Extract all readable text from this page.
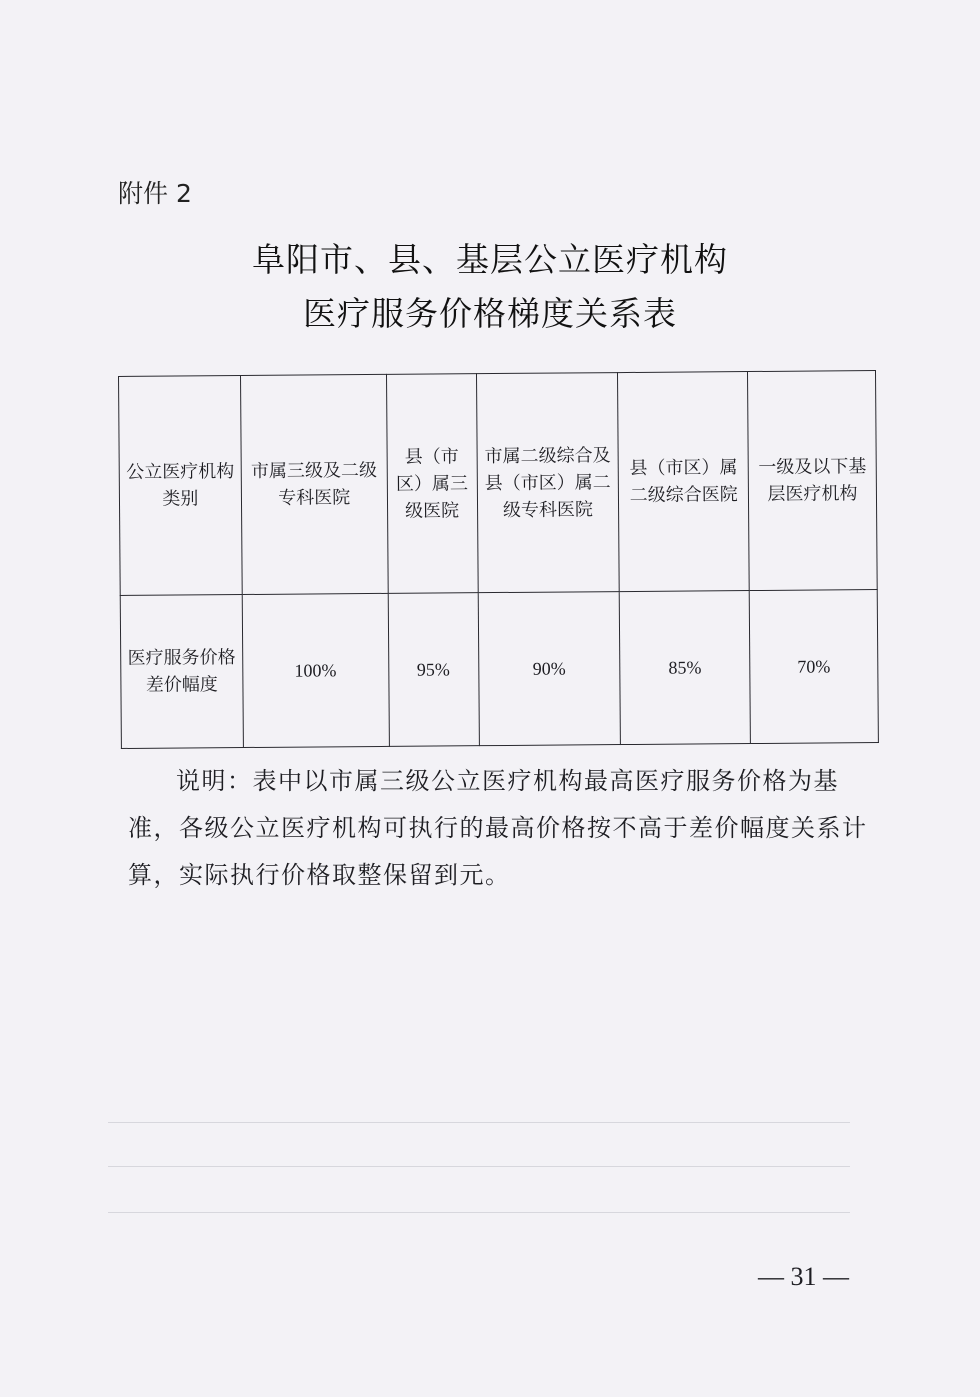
附件 2
阜阳市、县、基层公立医疗机构
医疗服务价格梯度关系表
公立医疗机构类别	市属三级及二级专科医院	县（市区）属三级医院	市属二级综合及县（市区）属二级专科医院	县（市区）属二级综合医院	一级及以下基层医疗机构
医疗服务价格差价幅度	100%	95%	90%	85%	70%
说明：表中以市属三级公立医疗机构最高医疗服务价格为基准，各级公立医疗机构可执行的最高价格按不高于差价幅度关系计算，实际执行价格取整保留到元。
— 31 —
